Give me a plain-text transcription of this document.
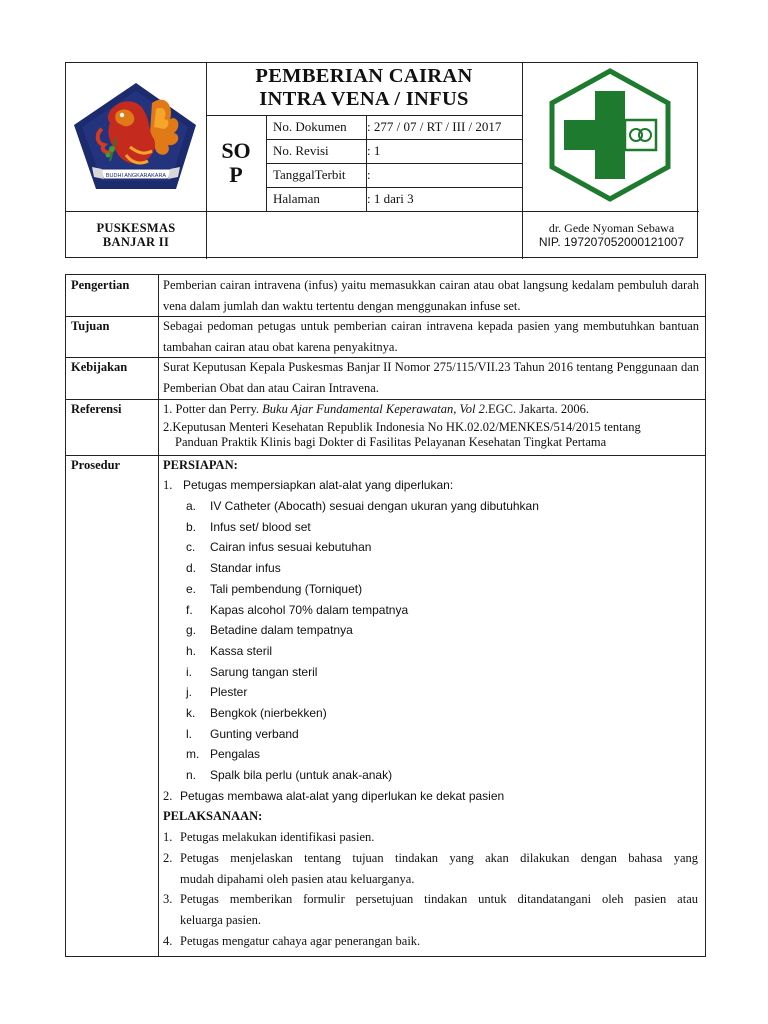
BUDHI ANGKARAKARA
PEMBERIAN CAIRAN
INTRA VENA / INFUS
SO
P
No. Dokumen : 277 / 07 / RT / III / 2017
No. Revisi	: 1
TanggalTerbit :
Halaman	: 1 dari 3
PUSKESMAS
BANJAR II
dr. Gede Nyoman Sebawa
NIP. 197207052000121007
Pengertian	Pemberian cairan intravena (infus) yaitu memasukkan cairan atau obat langsung kedalam pembuluh darah vena dalam jumlah dan waktu tertentu dengan menggunakan infuse set.
Tujuan	Sebagai pedoman petugas untuk pemberian cairan intravena kepada pasien yang membutuhkan bantuan tambahan cairan atau obat karena penyakitnya.
Kebijakan	Surat Keputusan Kepala Puskesmas Banjar II Nomor 275/115/VII.23 Tahun 2016 tentang Penggunaan dan Pemberian Obat dan atau Cairan Intravena.
Referensi	1. Potter dan Perry. Buku Ajar Fundamental Keperawatan, Vol 2.EGC. Jakarta. 2006.
2.Keputusan Menteri Kesehatan Republik Indonesia No HK.02.02/MENKES/514/2015 tentang
Panduan Praktik Klinis bagi Dokter di Fasilitas Pelayanan Kesehatan Tingkat Pertama
Prosedur	PERSIAPAN:
1. Petugas mempersiapkan alat-alat yang diperlukan:
a. IV Catheter (Abocath) sesuai dengan ukuran yang dibutuhkan
b. Infus set/ blood set
c. Cairan infus sesuai kebutuhan
d. Standar infus
e. Tali pembendung (Torniquet)
f. Kapas alcohol 70% dalam tempatnya
g. Betadine dalam tempatnya
h. Kassa steril
i. Sarung tangan steril
j. Plester
k. Bengkok (nierbekken)
l. Gunting verband
m. Pengalas
n. Spalk bila perlu (untuk anak-anak)
2. Petugas membawa alat-alat yang diperlukan ke dekat pasien
PELAKSANAAN:
1. Petugas melakukan identifikasi pasien.
2. Petugas menjelaskan tentang tujuan tindakan yang akan dilakukan dengan bahasa yang
mudah dipahami oleh pasien atau keluarganya.
3. Petugas memberikan formulir persetujuan tindakan untuk ditandatangani oleh pasien atau
keluarga pasien.
4. Petugas mengatur cahaya agar penerangan baik.
